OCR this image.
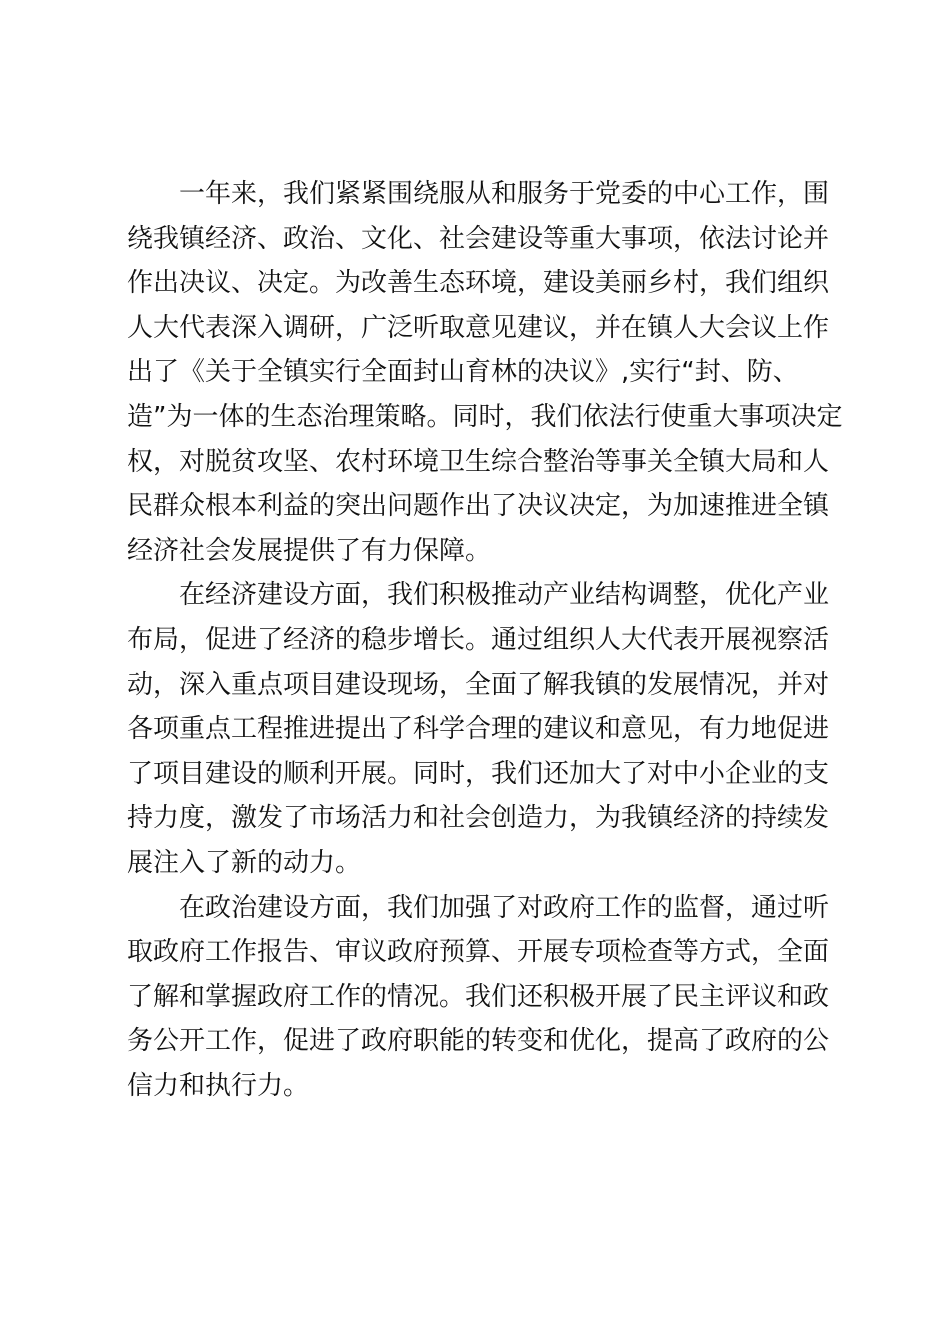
一年来，我们紧紧围绕服从和服务于党委的中心工作，围
绕我镇经济、政治、文化、社会建设等重大事项，依法讨论并
作出决议、决定。为改善生态环境，建设美丽乡村，我们组织
人大代表深入调研，广泛听取意见建议，并在镇人大会议上作
出了《关于全镇实行全面封山育林的决议》,实行“封、防、
造”为一体的生态治理策略。同时，我们依法行使重大事项决定
权，对脱贫攻坚、农村环境卫生综合整治等事关全镇大局和人
民群众根本利益的突出问题作出了决议决定，为加速推进全镇
经济社会发展提供了有力保障。
在经济建设方面，我们积极推动产业结构调整，优化产业
布局，促进了经济的稳步增长。通过组织人大代表开展视察活
动，深入重点项目建设现场，全面了解我镇的发展情况，并对
各项重点工程推进提出了科学合理的建议和意见，有力地促进
了项目建设的顺利开展。同时，我们还加大了对中小企业的支
持力度，激发了市场活力和社会创造力，为我镇经济的持续发
展注入了新的动力。
在政治建设方面，我们加强了对政府工作的监督，通过听
取政府工作报告、审议政府预算、开展专项检查等方式，全面
了解和掌握政府工作的情况。我们还积极开展了民主评议和政
务公开工作，促进了政府职能的转变和优化，提高了政府的公
信力和执行力。
